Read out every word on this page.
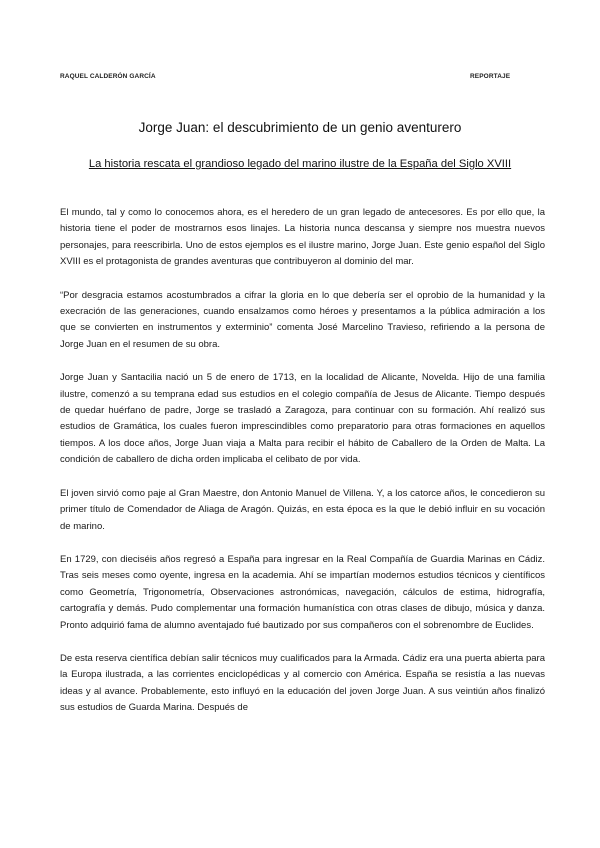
RAQUEL CALDERÓN GARCÍA	REPORTAJE
Jorge Juan: el descubrimiento de un genio aventurero
La historia rescata el grandioso legado del marino ilustre de la España del Siglo XVIII

El mundo, tal y como lo conocemos ahora, es el heredero de un gran legado de antecesores. Es por ello que, la historia tiene el poder de mostrarnos esos linajes. La historia nunca descansa y siempre nos muestra nuevos personajes, para reescribirla. Uno de estos ejemplos es el ilustre marino, Jorge Juan. Este genio español del Siglo XVIII es el protagonista de grandes aventuras que contribuyeron al dominio del mar.

“Por desgracia estamos acostumbrados a cifrar la gloria en lo que debería ser el oprobio de la humanidad y la execración de las generaciones, cuando ensalzamos como héroes y presentamos a la pública admiración a los que se convierten en instrumentos y exterminio” comenta José Marcelino Travieso, refiriendo a la persona de Jorge Juan en el resumen de su obra.

Jorge Juan y Santacilia nació un 5 de enero de 1713, en la localidad de Alicante, Novelda. Hijo de una familia ilustre, comenzó a su temprana edad sus estudios en el colegio compañía de Jesus de Alicante. Tiempo después de quedar huérfano de padre, Jorge se trasladó a Zaragoza, para continuar con su formación. Ahí realizó sus estudios de Gramática, los cuales fueron imprescindibles como preparatorio para otras formaciones en aquellos tiempos. A los doce años, Jorge Juan viaja a Malta para recibir el hábito de Caballero de la Orden de Malta. La condición de caballero de dicha orden implicaba el celibato de por vida.

El joven sirvió como paje al Gran Maestre, don Antonio Manuel de Villena. Y, a los catorce años, le concedieron su primer título de Comendador de Aliaga de Aragón. Quizás, en esta época es la que le debió influir en su vocación de marino.

En 1729, con dieciséis años regresó a España para ingresar en la Real Compañía de Guardia Marinas en Cádiz. Tras seis meses como oyente, ingresa en la academia. Ahí se impartían modernos estudios técnicos y científicos como Geometría, Trigonometría, Observaciones astronómicas, navegación, cálculos de estima, hidrografía, cartografía y demás. Pudo complementar una formación humanística con otras clases de dibujo, música y danza. Pronto adquirió fama de alumno aventajado fué bautizado por sus compañeros con el sobrenombre de Euclides.

De esta reserva científica debían salir técnicos muy cualificados para la Armada. Cádiz era una puerta abierta para la Europa ilustrada, a las corrientes enciclopédicas y al comercio con América. España se resistía a las nuevas ideas y al avance. Probablemente, esto influyó en la educación del joven Jorge Juan. A sus veintiún años finalizó sus estudios de Guarda Marina. Después de
